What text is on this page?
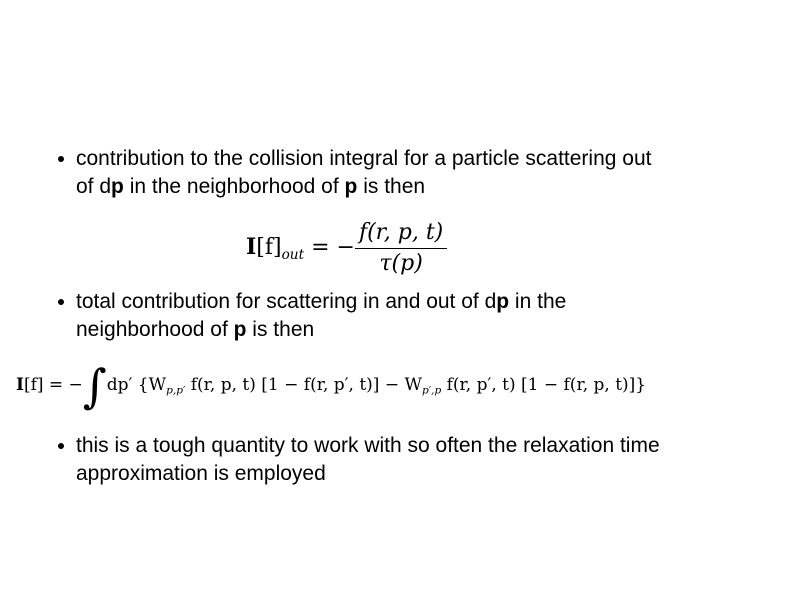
contribution to the collision integral for a particle scattering out
of dp in the neighborhood of p is then
$I[f]_{out}$ = − $\frac{f(r, p, t)}{\tau(p)}$
total contribution for scattering in and out of dp in the
neighborhood of p is then
I[f] = −∫dp′ {$W_{p,p'}$ f(r, p, t) [1 − f(r, p′, $t)] - W_{p',p}$ f(r, p′, t) [1 − f(r, p, t)]}
this is a tough quantity to work with so often the relaxation time
approximation is employed
